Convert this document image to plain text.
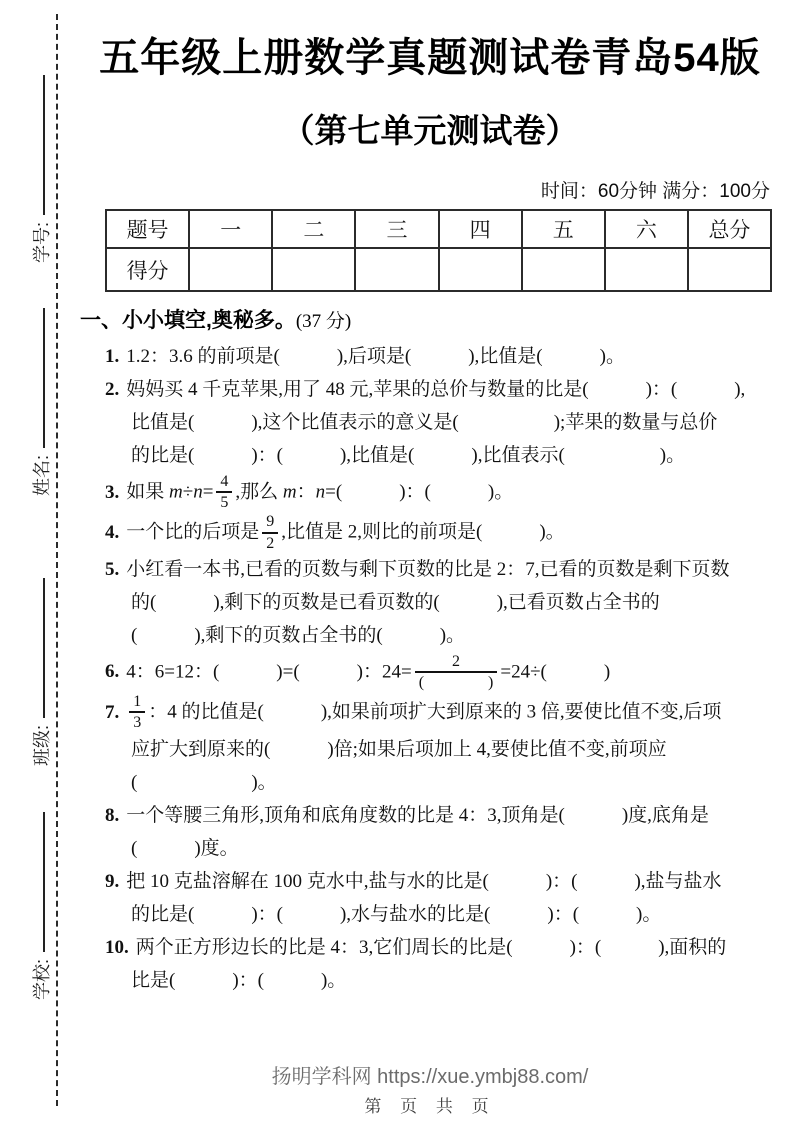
学号:
姓名:
班级:
学校:
五年级上册数学真题测试卷青岛54版
（第七单元测试卷）
时间：60分钟 满分：100分
题号	一	二	三	四	五	六	总分
得分							
一、小小填空,奥秘多。(37 分)
1. 1.2：3.6 的前项是(　　　),后项是(　　　),比值是(　　　)。
2. 妈妈买 4 千克苹果,用了 48 元,苹果的总价与数量的比是(　　　)：(　　　),
比值是(　　　),这个比值表示的意义是(　　　　　);苹果的数量与总价
的比是(　　　)：(　　　),比值是(　　　),比值表示(　　　　　)。
3. 如果 $m\div n= \frac{4}{5}$ ,那么 m：n=(　　　)：(　　　)。
4. 一个比的后项是 $\frac{9}{2}$ ,比值是 2,则比的前项是(　　　)。
5. 小红看一本书,已看的页数与剩下页数的比是 2：7,已看的页数是剩下页数
的(　　　),剩下的页数是已看页数的(　　　),已看页数占全书的
(　　　),剩下的页数占全书的(　　　)。
6. 4：6=12：(　　　)=(　　　)：$24= \frac{2}{( )} =24\div$(　　　)
7. $\frac{1}{3}$ ：4 的比值是(　　　),如果前项扩大到原来的 3 倍,要使比值不变,后项
应扩大到原来的(　　　)倍;如果后项加上 4,要使比值不变,前项应
(　　　　　　)。
8. 一个等腰三角形,顶角和底角度数的比是 4：3,顶角是(　　　)度,底角是
(　　　)度。
9. 把 10 克盐溶解在 100 克水中,盐与水的比是(　　　)：(　　　),盐与盐水
的比是(　　　)：(　　　),水与盐水的比是(　　　)：(　　　)。
10. 两个正方形边长的比是 4：3,它们周长的比是(　　　)：(　　　),面积的
比是(　　　)：(　　　)。
扬明学科网 https://xue.ymbj88.com/
第 页 共 页
